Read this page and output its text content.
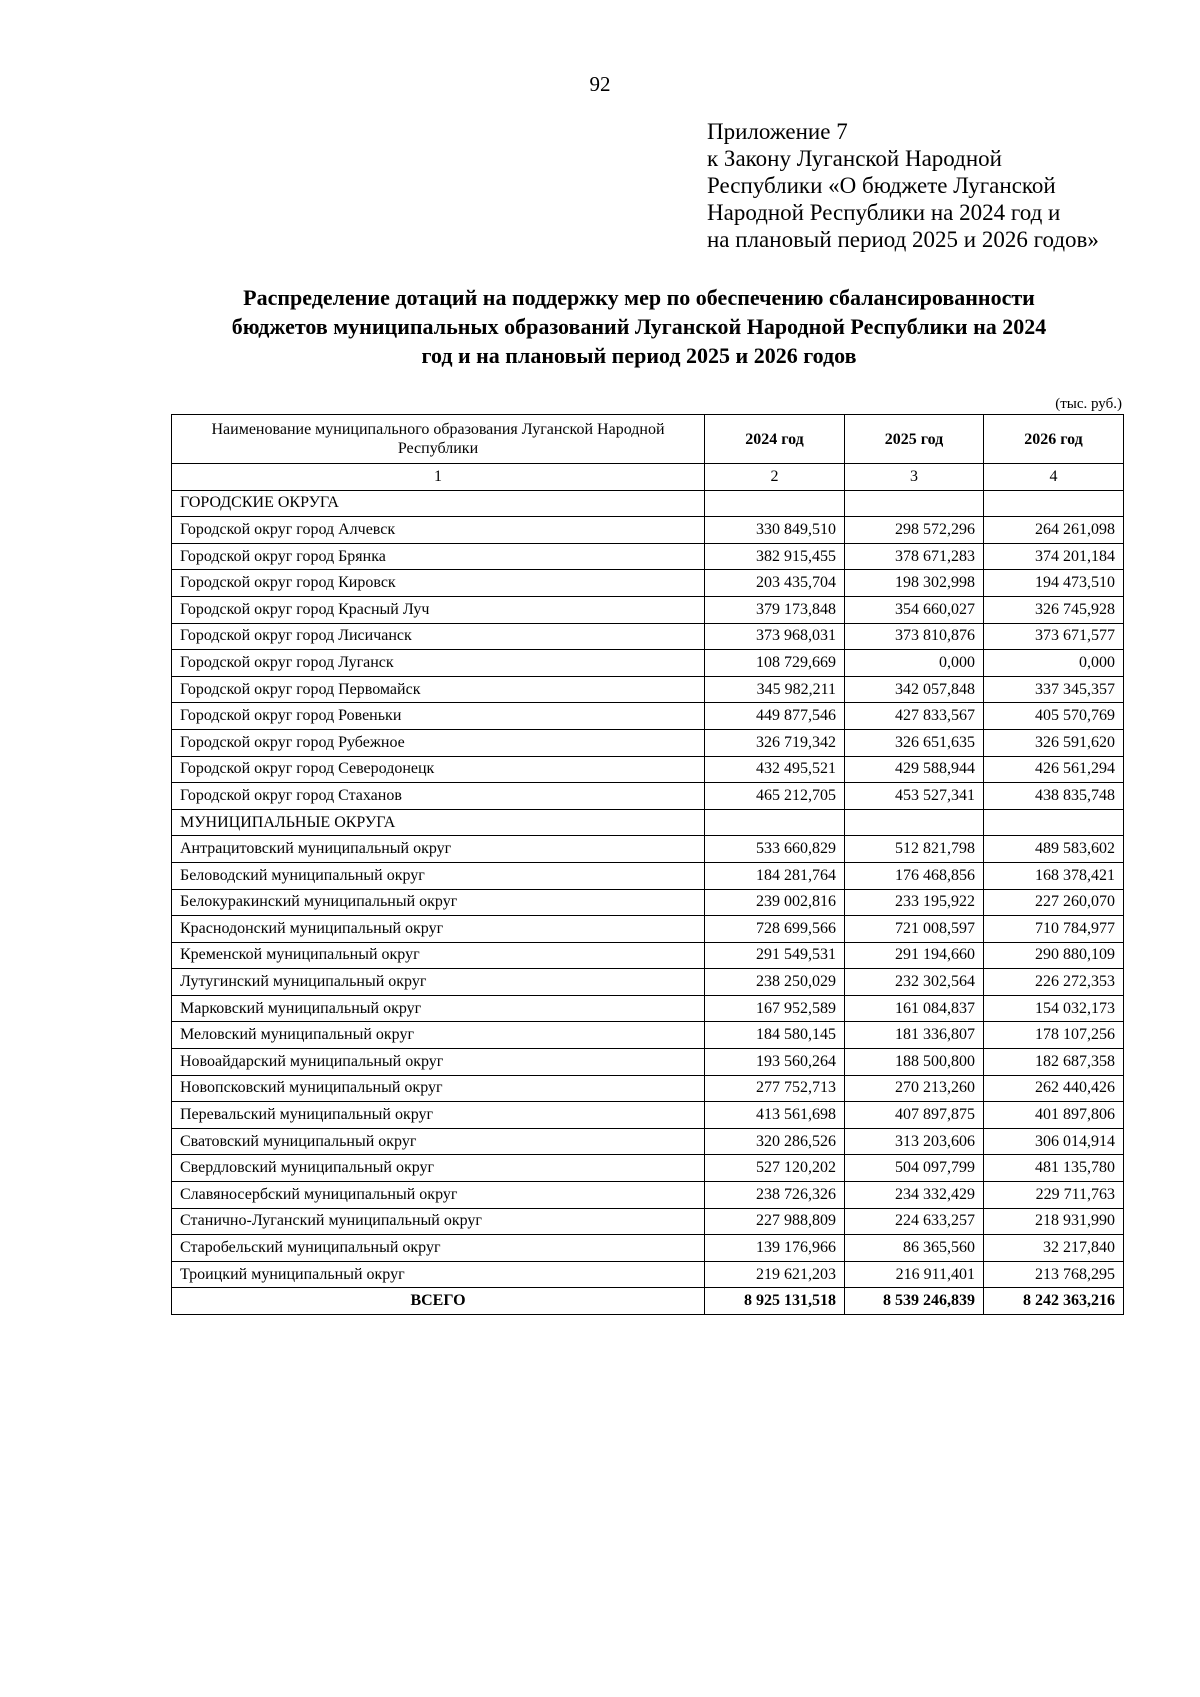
92
Приложение 7
к Закону Луганской Народной
Республики «О бюджете Луганской
Народной Республики на 2024 год и
на плановый период 2025 и 2026 годов»
Распределение дотаций на поддержку мер по обеспечению сбалансированности
бюджетов муниципальных образований Луганской Народной Республики на 2024
год и на плановый период 2025 и 2026 годов
(тыс. руб.)
Наименование муниципального образования Луганской Народной Республики	2024 год	2025 год	2026 год
1	2	3	4
ГОРОДСКИЕ ОКРУГА			
Городской округ город Алчевск	330 849,510	298 572,296	264 261,098
Городской округ город Брянка	382 915,455	378 671,283	374 201,184
Городской округ город Кировск	203 435,704	198 302,998	194 473,510
Городской округ город Красный Луч	379 173,848	354 660,027	326 745,928
Городской округ город Лисичанск	373 968,031	373 810,876	373 671,577
Городской округ город Луганск	108 729,669	0,000	0,000
Городской округ город Первомайск	345 982,211	342 057,848	337 345,357
Городской округ город Ровеньки	449 877,546	427 833,567	405 570,769
Городской округ город Рубежное	326 719,342	326 651,635	326 591,620
Городской округ город Северодонецк	432 495,521	429 588,944	426 561,294
Городской округ город Стаханов	465 212,705	453 527,341	438 835,748
МУНИЦИПАЛЬНЫЕ ОКРУГА			
Антрацитовский муниципальный округ	533 660,829	512 821,798	489 583,602
Беловодский муниципальный округ	184 281,764	176 468,856	168 378,421
Белокуракинский муниципальный округ	239 002,816	233 195,922	227 260,070
Краснодонский муниципальный округ	728 699,566	721 008,597	710 784,977
Кременской муниципальный округ	291 549,531	291 194,660	290 880,109
Лутугинский муниципальный округ	238 250,029	232 302,564	226 272,353
Марковский муниципальный округ	167 952,589	161 084,837	154 032,173
Меловский муниципальный округ	184 580,145	181 336,807	178 107,256
Новоайдарский муниципальный округ	193 560,264	188 500,800	182 687,358
Новопсковский муниципальный округ	277 752,713	270 213,260	262 440,426
Перевальский муниципальный округ	413 561,698	407 897,875	401 897,806
Сватовский муниципальный округ	320 286,526	313 203,606	306 014,914
Свердловский муниципальный округ	527 120,202	504 097,799	481 135,780
Славяносербский муниципальный округ	238 726,326	234 332,429	229 711,763
Станично-Луганский муниципальный округ	227 988,809	224 633,257	218 931,990
Старобельский муниципальный округ	139 176,966	86 365,560	32 217,840
Троицкий муниципальный округ	219 621,203	216 911,401	213 768,295
ВСЕГО	8 925 131,518	8 539 246,839	8 242 363,216
